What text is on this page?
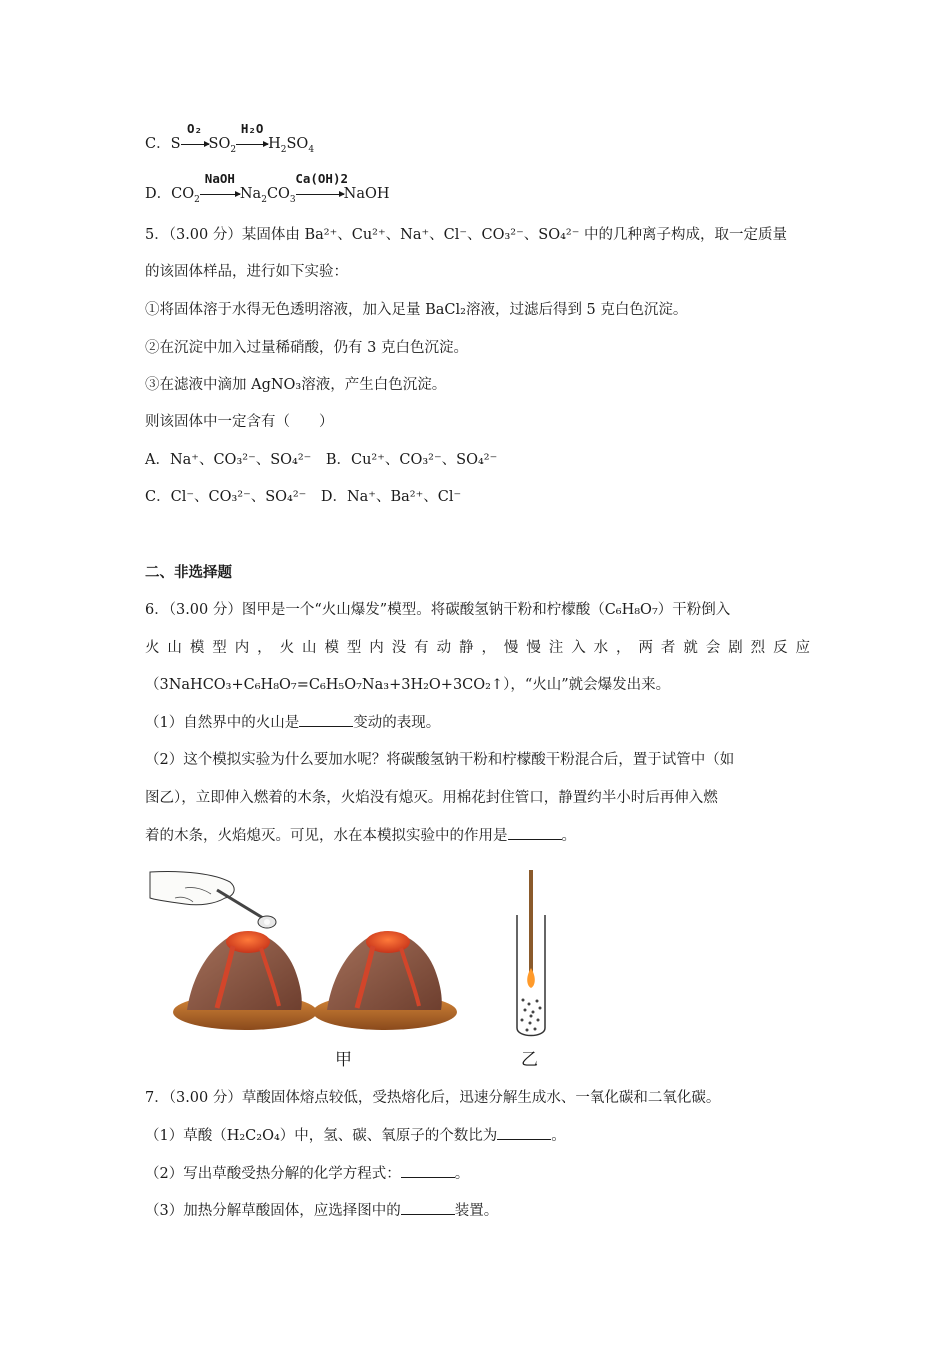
C．S
O₂
$SO_2$
H₂O
$H_2SO_4$
D．$CO_2$
NaOH
$Na_2CO_3$
Ca(OH)2
NaOH
5．（3.00 分）某固体由 Ba²⁺、Cu²⁺、Na⁺、Cl⁻、CO₃²⁻、SO₄²⁻ 中的几种离子构成，取一定质量
的该固体样品，进行如下实验：
①将固体溶于水得无色透明溶液，加入足量 BaCl₂溶液，过滤后得到 5 克白色沉淀。
②在沉淀中加入过量稀硝酸，仍有 3 克白色沉淀。
③在滤液中滴加 AgNO₃溶液，产生白色沉淀。
则该固体中一定含有（　　）
A．Na⁺、CO₃²⁻、SO₄²⁻　B．Cu²⁺、CO₃²⁻、SO₄²⁻
C．Cl⁻、CO₃²⁻、SO₄²⁻　D．Na⁺、Ba²⁺、Cl⁻
二、非选择题
6．（3.00 分）图甲是一个“火山爆发”模型。将碳酸氢钠干粉和柠檬酸（C₆H₈O₇）干粉倒入
火山模型内，火山模型内没有动静，慢慢注入水，两者就会剧烈反应
（3NaHCO₃+C₆H₈O₇=C₆H₅O₇Na₃+3H₂O+3CO₂↑），“火山”就会爆发出来。
（1）自然界中的火山是	变动的表现。
（2）这个模拟实验为什么要加水呢？将碳酸氢钠干粉和柠檬酸干粉混合后，置于试管中（如
图乙），立即伸入燃着的木条，火焰没有熄灭。用棉花封住管口，静置约半小时后再伸入燃
着的木条，火焰熄灭。可见，水在本模拟实验中的作用是	。
甲	乙
7．（3.00 分）草酸固体熔点较低，受热熔化后，迅速分解生成水、一氧化碳和二氧化碳。
（1）草酸（H₂C₂O₄）中，氢、碳、氧原子的个数比为	。
（2）写出草酸受热分解的化学方程式：	。
（3）加热分解草酸固体，应选择图中的	装置。
